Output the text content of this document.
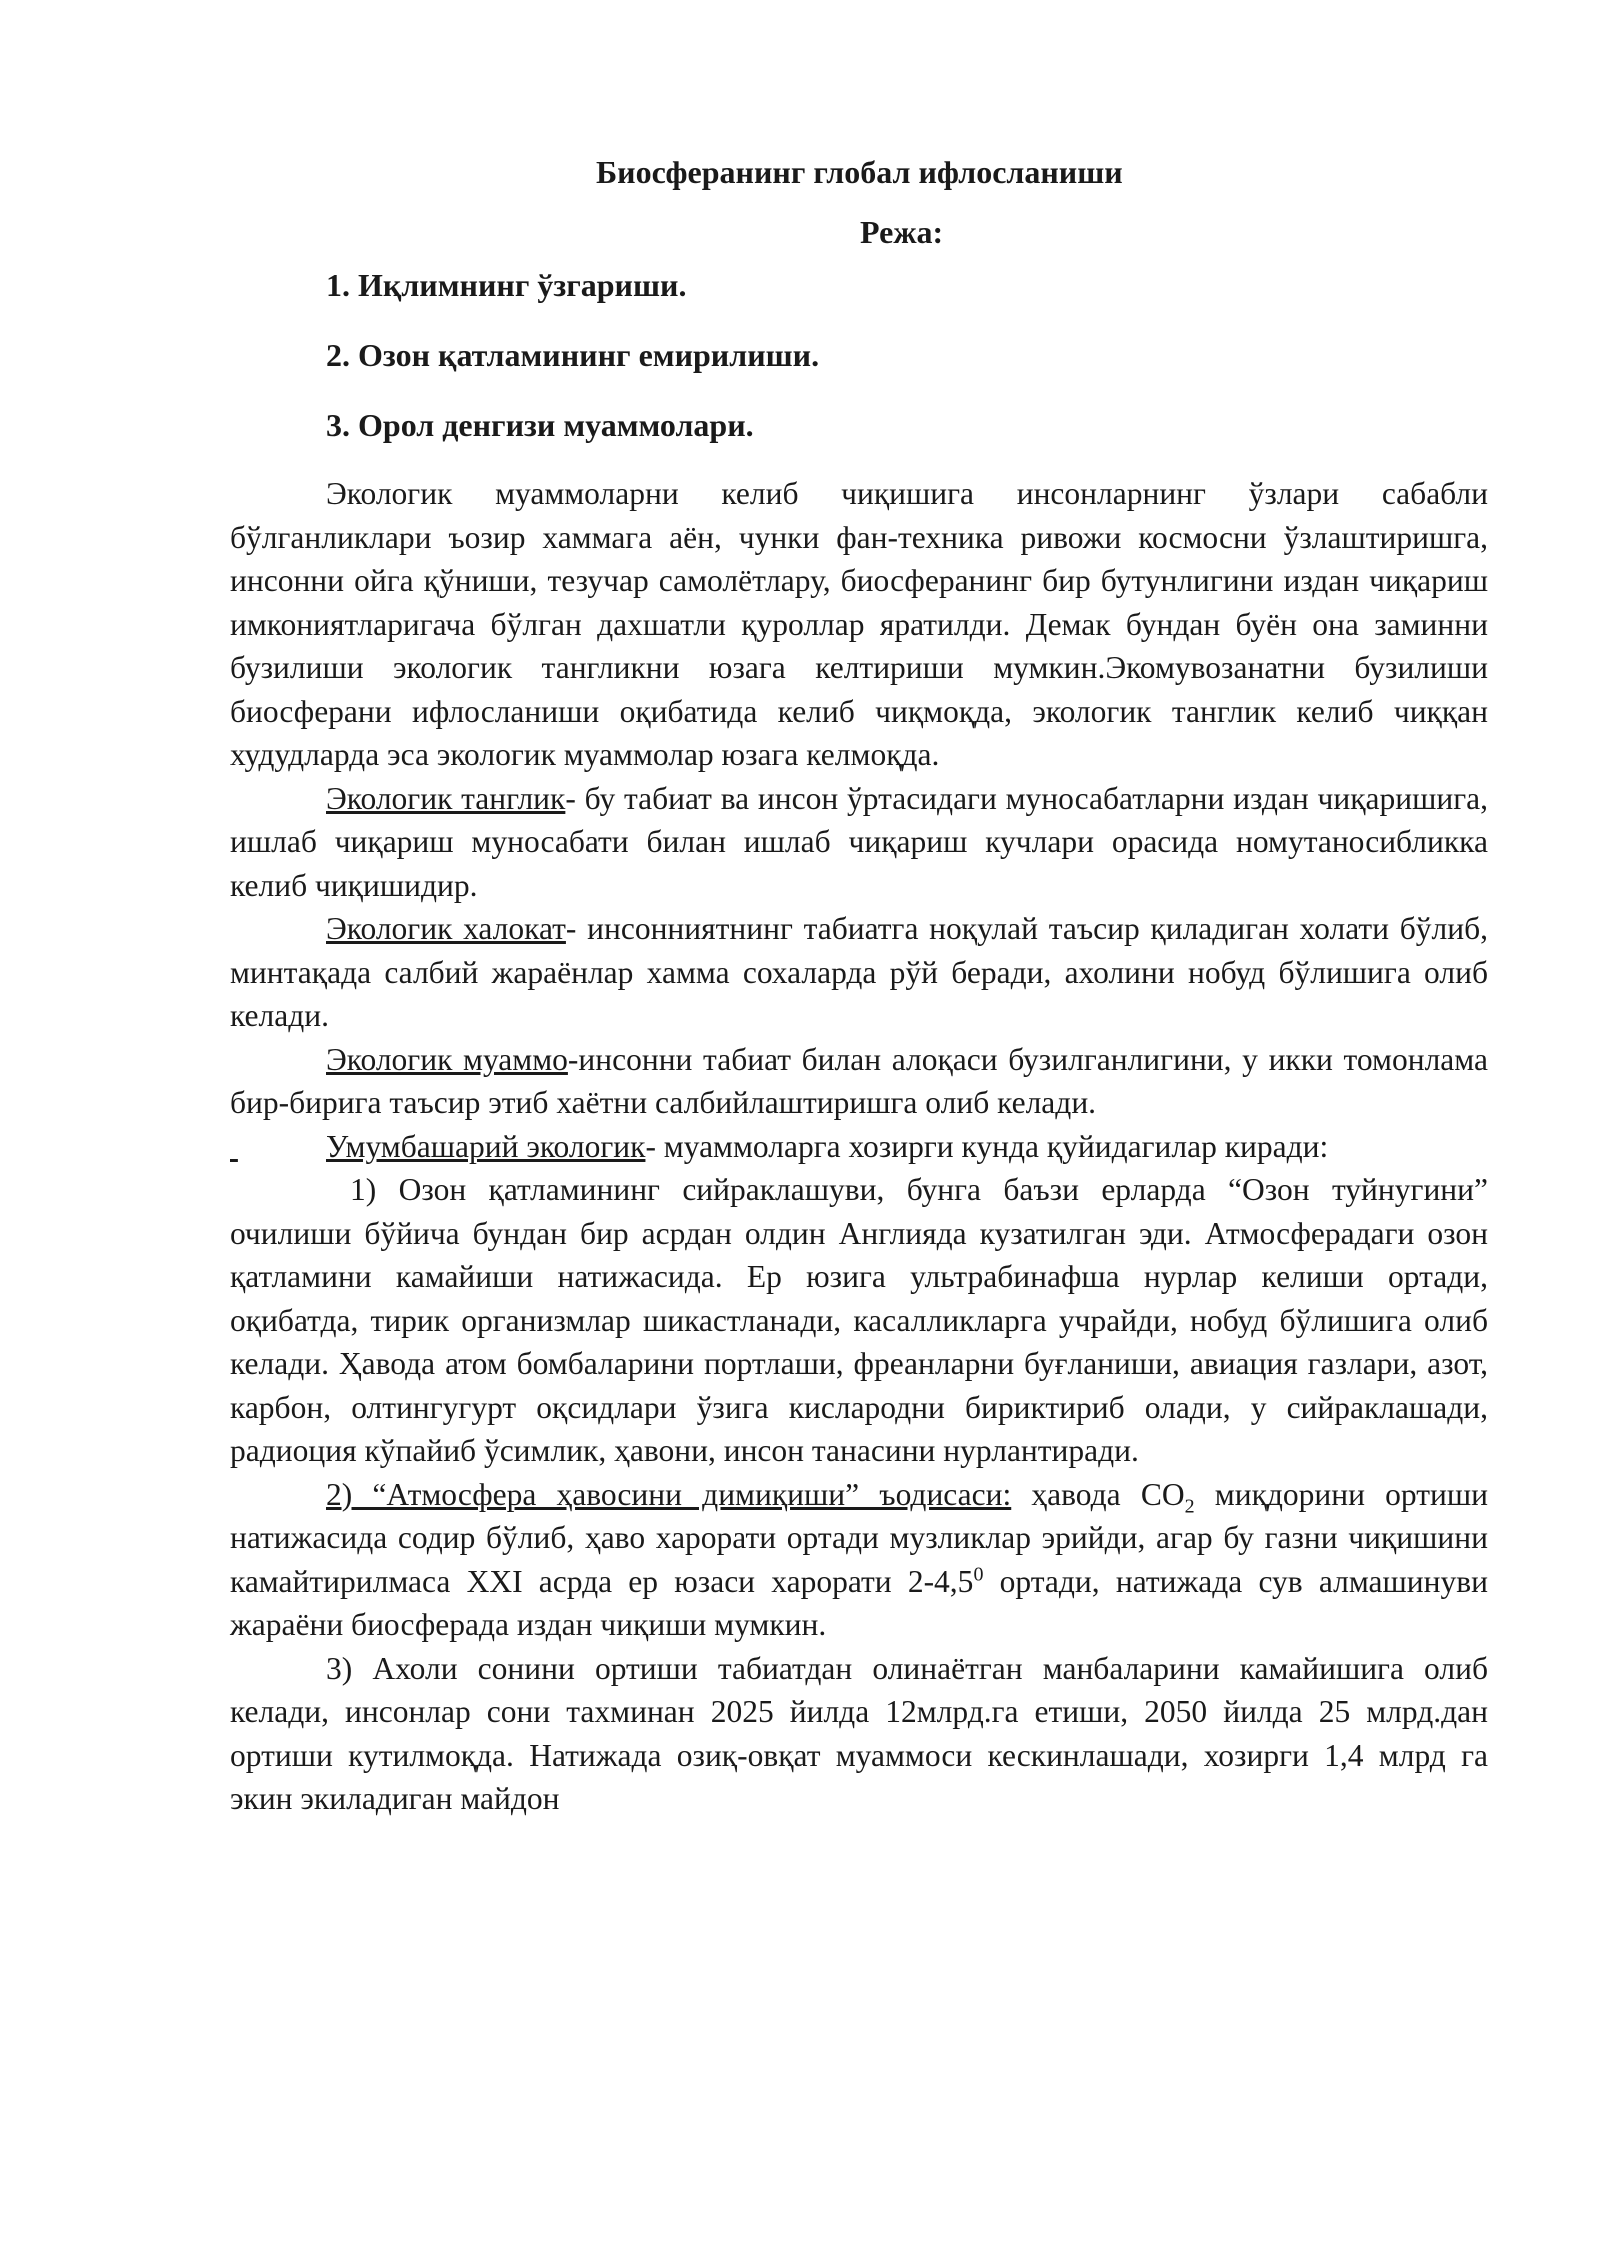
Биосферанинг глобал ифлосланиши
Режа:
1. Иқлимнинг ўзгариши.
2. Озон қатламининг емирилиши.
3. Орол денгизи муаммолари.

Экологик муаммоларни келиб чиқишига инсонларнинг ўзлари сабабли бўлганликлари ъозир хаммага аён, чунки фан-техника ривожи космосни ўзлаштиришга, инсонни ойга қўниши, тезучар самолётлару, биосферанинг бир бутунлигини издан чиқариш имкониятларигача бўлган дахшатли қуроллар яратилди. Демак бундан буён она заминни бузилиши экологик тангликни юзага келтириши мумкин.Экомувозанатни бузилиши биосферани ифлосланиши оқибатида келиб чиқмоқда, экологик танглик келиб чиққан худудларда эса экологик муаммолар юзага келмоқда.

Экологик танглик- бу табиат ва инсон ўртасидаги муносабатларни издан чиқаришига, ишлаб чиқариш муносабати билан ишлаб чиқариш кучлари орасида номутаносибликка келиб чиқишидир.

Экологик халокат- инсонниятнинг табиатга ноқулай таъсир қиладиган холати бўлиб, минтақада салбий жараёнлар хамма сохаларда рўй беради, ахолини нобуд бўлишига олиб келади.

Экологик муаммо-инсонни табиат билан алоқаси бузилганлигини, у икки томонлама бир-бирига таъсир этиб хаётни салбийлаштиришга олиб келади.

Умумбашарий экологик- муаммоларга хозирги кунда қуйидагилар киради:

1) Озон қатламининг сийраклашуви, бунга баъзи ерларда “Озон туйнугини” очилиши бўйича бундан бир асрдан олдин Англияда кузатилган эди. Атмосферадаги озон қатламини камайиши натижасида. Ер юзига ультрабинафша нурлар келиши ортади, оқибатда, тирик организмлар шикастланади, касалликларга учрайди, нобуд бўлишига олиб келади. Ҳавода атом бомбаларини портлаши, фреанларни буғланиши, авиация газлари, азот, карбон, олтингугурт оқсидлари ўзига кислародни бириктириб олади, у сийраклашади, радиоция кўпайиб ўсимлик, ҳавони, инсон танасини нурлантиради.

2) “Атмосфера ҳавосини димиқиши” ъодисаси: ҳавода $СО_2$ миқдорини ортиши натижасида содир бўлиб, ҳаво харорати ортади музликлар эрийди, агар бу газни чиқишини камайтирилмаса ХХI асрда ер юзаси харорати $2-4,5^0$ ортади, натижада сув алмашинуви жараёни биосферада издан чиқиши мумкин.

3) Ахоли сонини ортиши табиатдан олинаётган манбаларини камайишига олиб келади, инсонлар сони тахминан 2025 йилда 12млрд.га етиши, 2050 йилда 25 млрд.дан ортиши кутилмоқда. Натижада озиқ-овқат муаммоси кескинлашади, хозирги 1,4 млрд га экин экиладиган майдон
